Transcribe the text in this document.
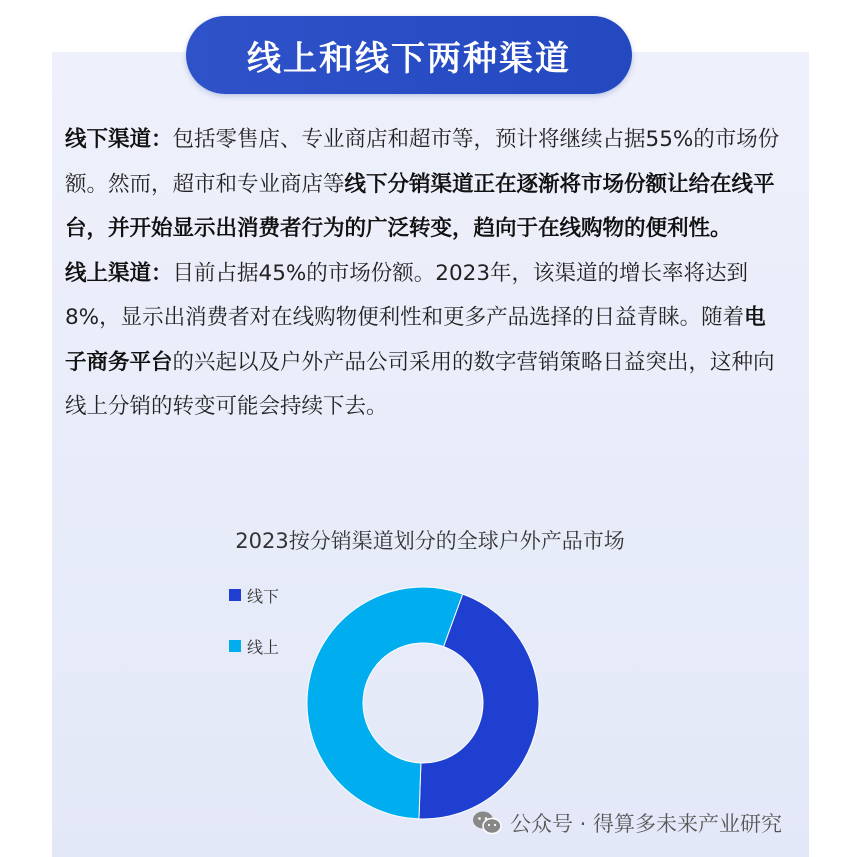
线上和线下两种渠道

线下渠道：包括零售店、专业商店和超市等，预计将继续占据55%的市场份额。然而，超市和专业商店等线下分销渠道正在逐渐将市场份额让给在线平台，并开始显示出消费者行为的广泛转变，趋向于在线购物的便利性。

线上渠道：目前占据45%的市场份额。2023年，该渠道的增长率将达到8%，显示出消费者对在线购物便利性和更多产品选择的日益青睐。随着电子商务平台的兴起以及户外产品公司采用的数字营销策略日益突出，这种向线上分销的转变可能会持续下去。

2023按分销渠道划分的全球户外产品市场
线下
线上
公众号 · 得算多未来产业研究
